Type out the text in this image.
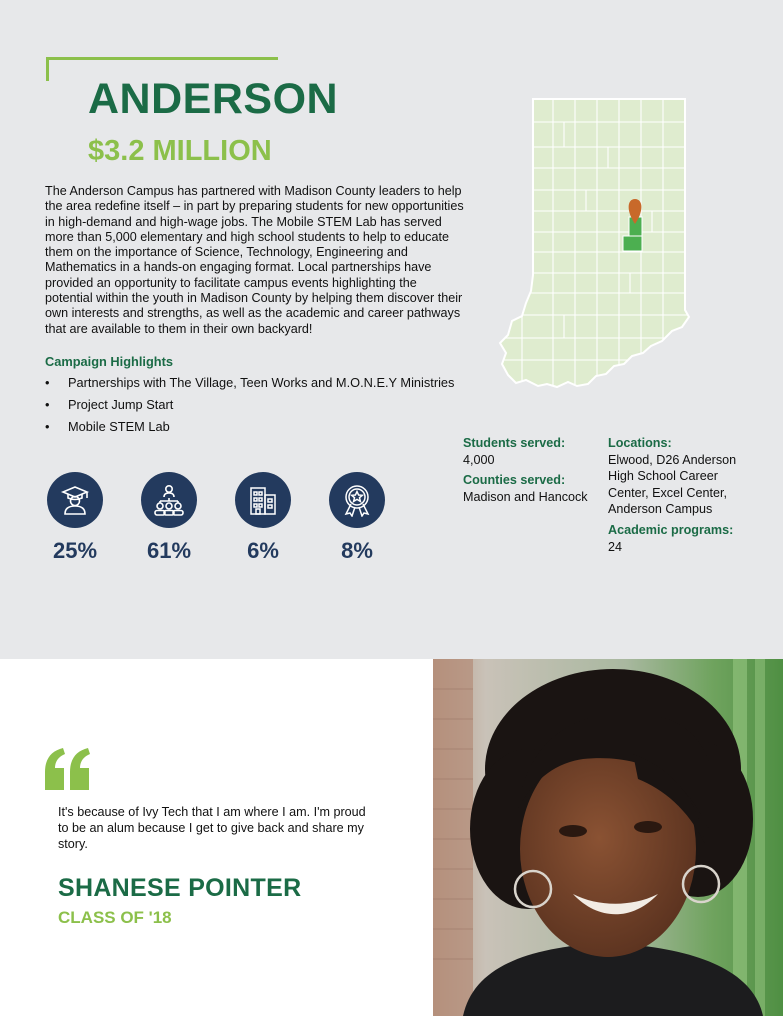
ANDERSON
$3.2 MILLION

The Anderson Campus has partnered with Madison County leaders to help the area redefine itself – in part by preparing students for new opportunities in high-demand and high-wage jobs. The Mobile STEM Lab has served more than 5,000 elementary and high school students to help to educate them on the importance of Science, Technology, Engineering and Mathematics in a hands-on engaging format. Local partnerships have provided an opportunity to facilitate campus events highlighting the potential within the youth in Madison County by helping them discover their own interests and strengths, as well as the academic and career pathways that are available to them in their own backyard!

Campaign Highlights
• Partnerships with The Village, Teen Works and M.O.N.E.Y Ministries
• Project Jump Start
• Mobile STEM Lab
25%	61%	6%	8%
Students served:
4,000
Counties served:
Madison and Hancock
Locations:
Elwood, D26 Anderson
High School Career
Center, Excel Center,
Anderson Campus
Academic programs:
24

It's because of Ivy Tech that I am where I am. I'm proud to be an alum because I get to give back and share my story.

SHANESE POINTER
CLASS OF '18
